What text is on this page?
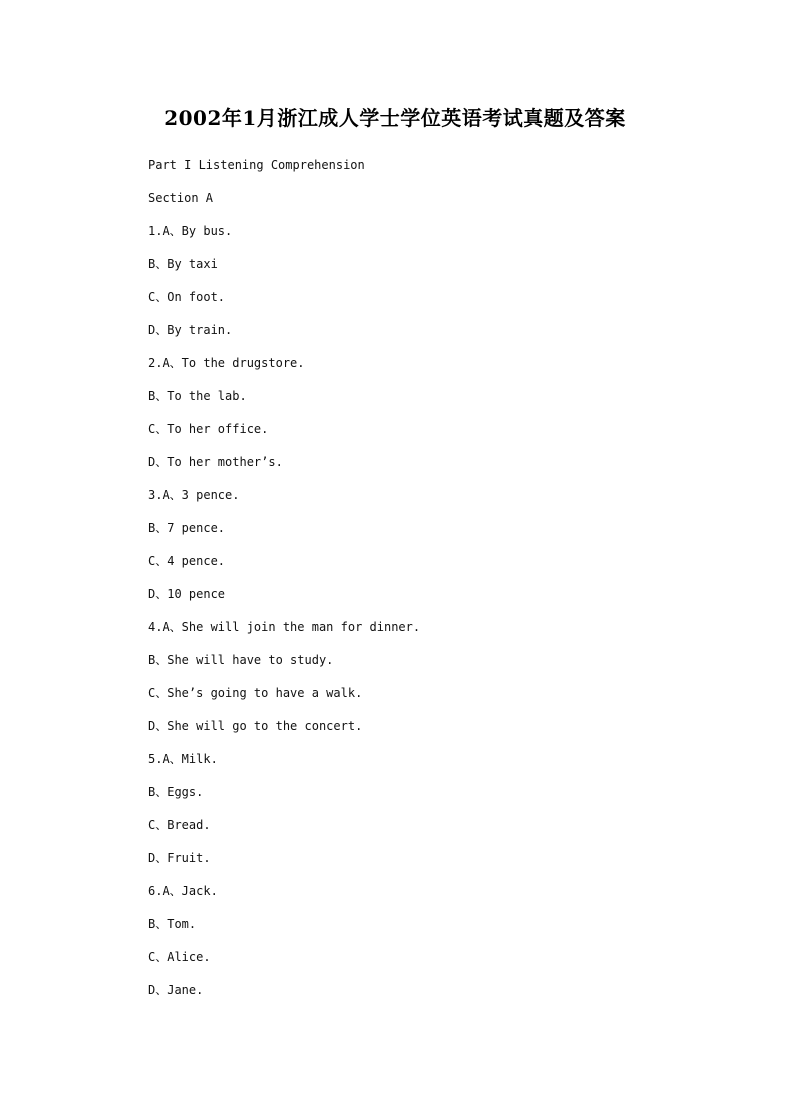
2002年1月浙江成人学士学位英语考试真题及答案
Part I Listening Comprehension
Section A
1.A、By bus.
B、By taxi
C、On foot.
D、By train.
2.A、To the drugstore.
B、To the lab.
C、To her office.
D、To her mother’s.
3.A、3 pence.
B、7 pence.
C、4 pence.
D、10 pence
4.A、She will join the man for dinner.
B、She will have to study.
C、She’s going to have a walk.
D、She will go to the concert.
5.A、Milk.
B、Eggs.
C、Bread.
D、Fruit.
6.A、Jack.
B、Tom.
C、Alice.
D、Jane.
